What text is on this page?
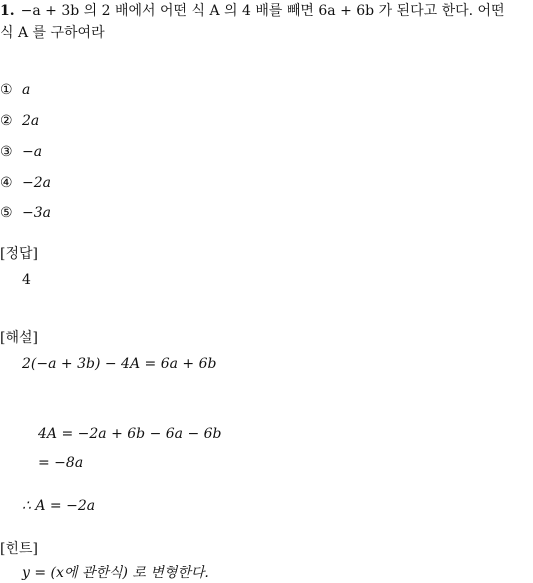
1. −a + 3b 의 2 배에서 어떤 식 A 의 4 배를 빼면 6a + 6b 가 된다고 한다. 어떤
식 A 를 구하여라
① a
② 2a
③ −a
④ −2a
⑤ −3a
[정답]
4
[해설]
2(−a + 3b) − 4A = 6a + 6b
4A = −2a + 6b − 6a − 6b
= −8a
∴ A = −2a
[힌트]
y = (x에 관한식) 로 변형한다.
